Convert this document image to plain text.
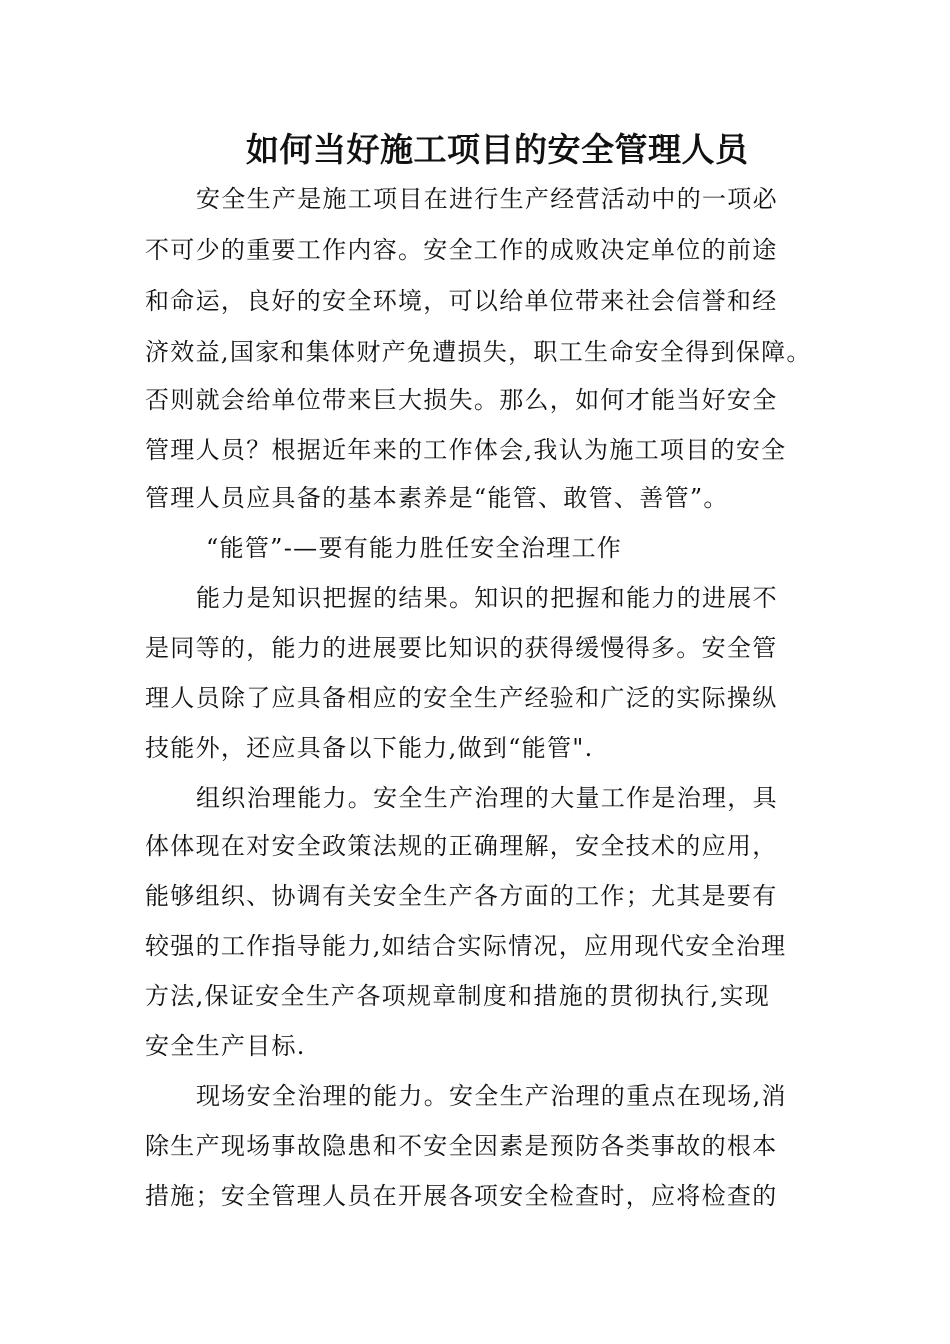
如何当好施工项目的安全管理人员
安全生产是施工项目在进行生产经营活动中的一项必
不可少的重要工作内容。安全工作的成败决定单位的前途
和命运，良好的安全环境，可以给单位带来社会信誉和经
济效益,国家和集体财产免遭损失，职工生命安全得到保障。
否则就会给单位带来巨大损失。那么，如何才能当好安全
管理人员？根据近年来的工作体会,我认为施工项目的安全
管理人员应具备的基本素养是“能管、敢管、善管”。
“能管”-—要有能力胜任安全治理工作
能力是知识把握的结果。知识的把握和能力的进展不
是同等的，能力的进展要比知识的获得缓慢得多。安全管
理人员除了应具备相应的安全生产经验和广泛的实际操纵
技能外，还应具备以下能力,做到“能管".
组织治理能力。安全生产治理的大量工作是治理，具
体体现在对安全政策法规的正确理解，安全技术的应用，
能够组织、协调有关安全生产各方面的工作；尤其是要有
较强的工作指导能力,如结合实际情况，应用现代安全治理
方法,保证安全生产各项规章制度和措施的贯彻执行,实现
安全生产目标.
现场安全治理的能力。安全生产治理的重点在现场,消
除生产现场事故隐患和不安全因素是预防各类事故的根本
措施；安全管理人员在开展各项安全检查时，应将检查的
